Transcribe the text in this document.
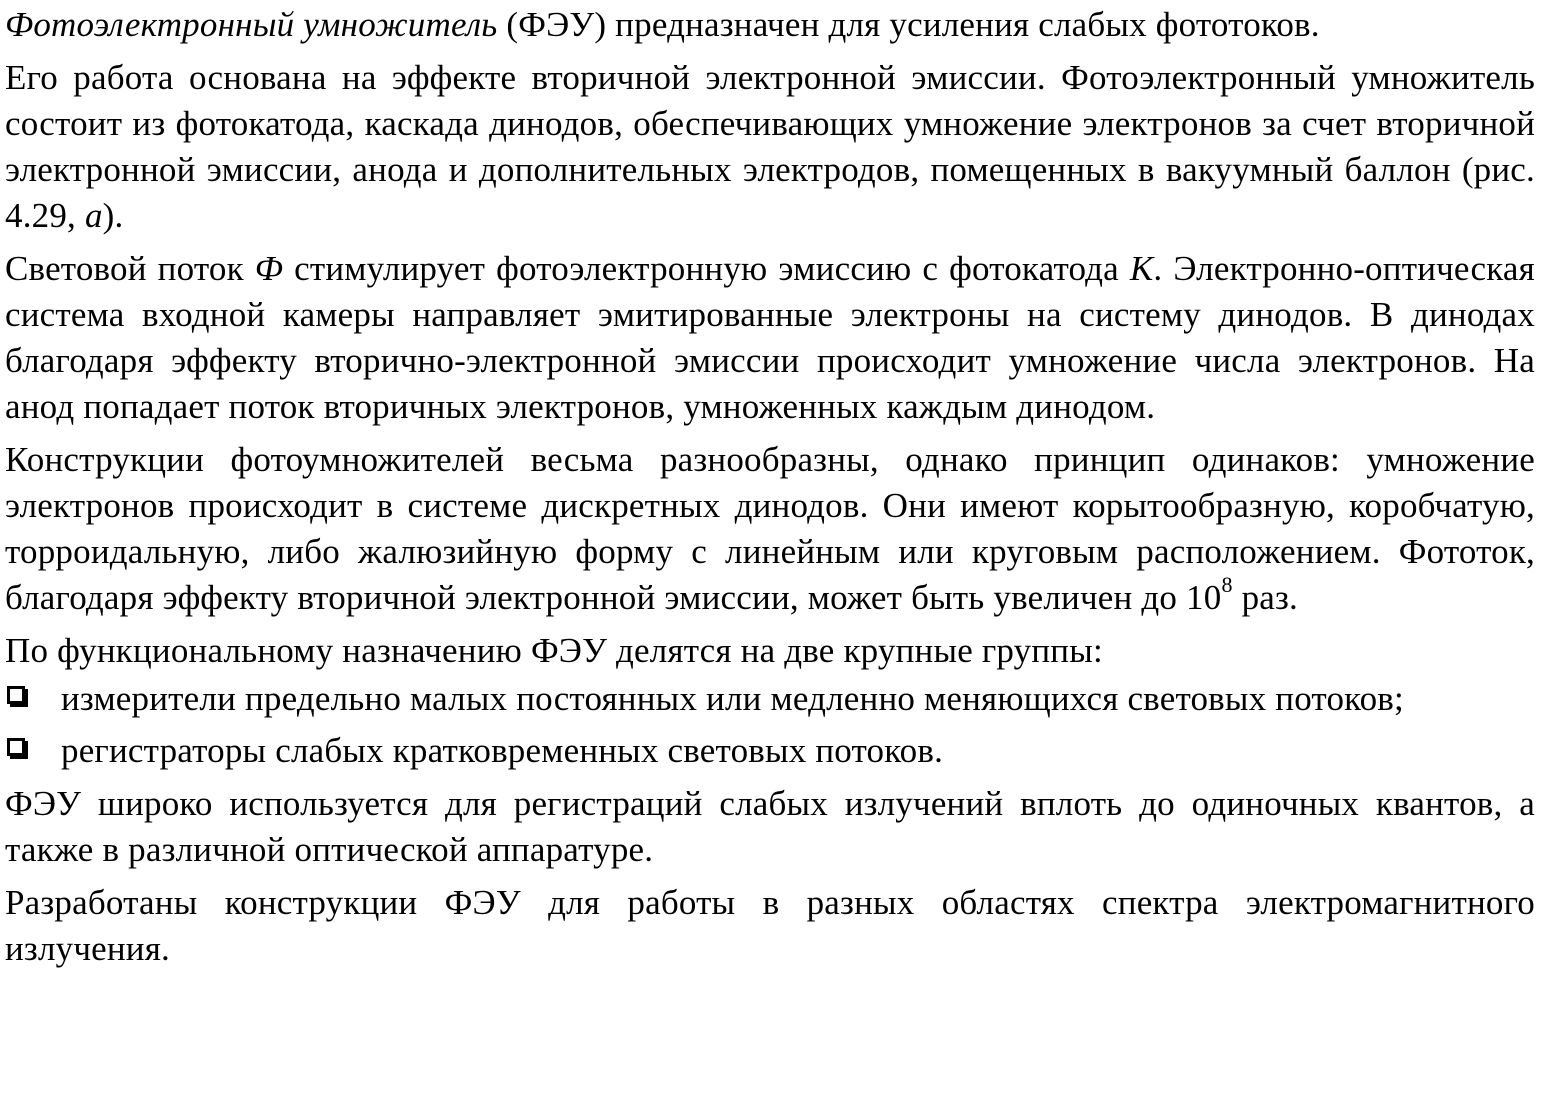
Фотоэлектронный умножитель (ФЭУ) предназначен для усиления слабых фототоков.

Его работа основана на эффекте вторичной электронной эмиссии. Фотоэлектронный умножитель состоит из фотокатода, каскада динодов, обеспечивающих умножение электронов за счет вторичной электронной эмиссии, анода и дополнительных электродов, помещенных в вакуумный баллон (рис. 4.29, а).

Световой поток Ф стимулирует фотоэлектронную эмиссию с фотокатода К. Электронно-оптическая система входной камеры направляет эмитированные электроны на систему динодов. В динодах благодаря эффекту вторично-электронной эмиссии происходит умножение числа электронов. На анод попадает поток вторичных электронов, умноженных каждым динодом.

Конструкции фотоумножителей весьма разнообразны, однако принцип одинаков: умножение электронов происходит в системе дискретных динодов. Они имеют корытообразную, коробчатую, торроидальную, либо жалюзийную форму с линейным или круговым расположением. Фототок, благодаря эффекту вторичной электронной эмиссии, может быть увеличен до $10^8$ раз.

По функциональному назначению ФЭУ делятся на две крупные группы:

измерители предельно малых постоянных или медленно меняющихся световых потоков;
регистраторы слабых кратковременных световых потоков.

ФЭУ широко используется для регистраций слабых излучений вплоть до одиночных квантов, а также в различной оптической аппаратуре.

Разработаны конструкции ФЭУ для работы в разных областях спектра электромагнитного излучения.
